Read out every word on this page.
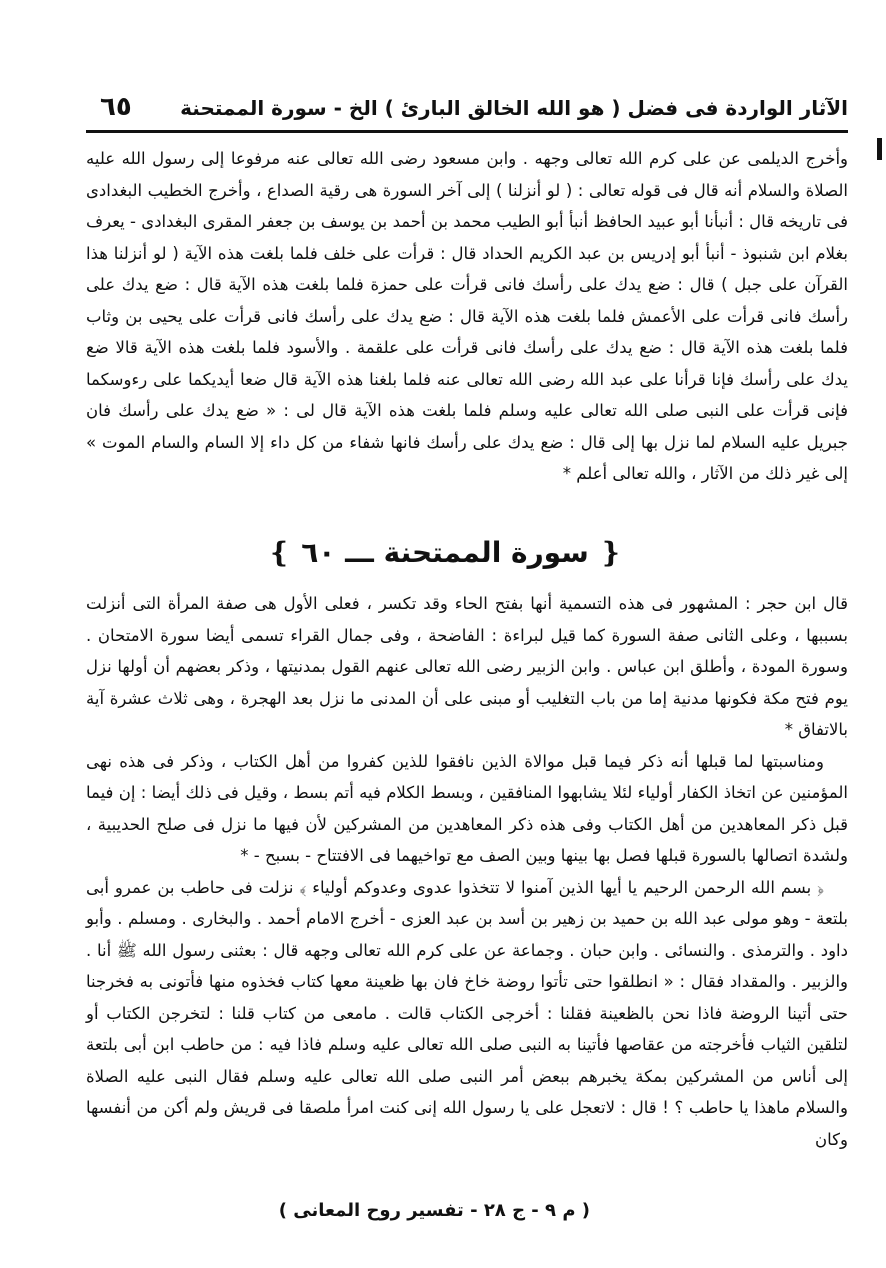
الآثار الواردة فى فضل ( هو الله الخالق البارئ ) الخ - سورة الممتحنة
٦٥

وأخرج الديلمى عن على كرم الله تعالى وجهه . وابن مسعود رضى الله تعالى عنه مرفوعا إلى رسول الله عليه الصلاة والسلام أنه قال فى قوله تعالى : ( لو أنزلنا ) إلى آخر السورة هى رقية الصداع ، وأخرج الخطيب البغدادى فى تاريخه قال : أنبأنا أبو عبيد الحافظ أنبأ أبو الطيب محمد بن أحمد بن يوسف بن جعفر المقرى البغدادى - يعرف بغلام ابن شنبوذ - أنبأ أبو إدريس بن عبد الكريم الحداد قال : قرأت على خلف فلما بلغت هذه الآية ( لو أنزلنا هذا القرآن على جبل ) قال : ضع يدك على رأسك فانى قرأت على حمزة فلما بلغت هذه الآية قال : ضع يدك على رأسك فانى قرأت على الأعمش فلما بلغت هذه الآية قال : ضع يدك على رأسك فانى قرأت على يحيى بن وثاب فلما بلغت هذه الآية قال : ضع يدك على رأسك فانى قرأت على علقمة . والأسود فلما بلغت هذه الآية قالا ضع يدك على رأسك فإنا قرأنا على عبد الله رضى الله تعالى عنه فلما بلغنا هذه الآية قال ضعا أيديكما على رءوسكما فإنى قرأت على النبى صلى الله تعالى عليه وسلم فلما بلغت هذه الآية قال لى : « ضع يدك على رأسك فان جبريل عليه السلام لما نزل بها إلى قال : ضع يدك على رأسك فانها شفاء من كل داء إلا السام والسام الموت » إلى غير ذلك من الآثار ، والله تعالى أعلم *

❴
سورة الممتحنة ـــ ٦٠
❵

قال ابن حجر : المشهور فى هذه التسمية أنها بفتح الحاء وقد تكسر ، فعلى الأول هى صفة المرأة التى أنزلت بسببها ، وعلى الثانى صفة السورة كما قيل لبراءة : الفاضحة ، وفى جمال القراء تسمى أيضا سورة الامتحان . وسورة المودة ، وأطلق ابن عباس . وابن الزبير رضى الله تعالى عنهم القول بمدنيتها ، وذكر بعضهم أن أولها نزل يوم فتح مكة فكونها مدنية إما من باب التغليب أو مبنى على أن المدنى ما نزل بعد الهجرة ، وهى ثلاث عشرة آية بالاتفاق *

ومناسبتها لما قبلها أنه ذكر فيما قبل موالاة الذين نافقوا للذين كفروا من أهل الكتاب ، وذكر فى هذه نهى المؤمنين عن اتخاذ الكفار أولياء لئلا يشابهوا المنافقين ، وبسط الكلام فيه أتم بسط ، وقيل فى ذلك أيضا : إن فيما قبل ذكر المعاهدين من أهل الكتاب وفى هذه ذكر المعاهدين من المشركين لأن فيها ما نزل فى صلح الحديبية ، ولشدة اتصالها بالسورة قبلها فصل بها بينها وبين الصف مع تواخيهما فى الافتتاح - بسبح - *

﴿ بسم الله الرحمن الرحيم يا أيها الذين آمنوا لا تتخذوا عدوى وعدوكم أولياء ﴾ نزلت فى حاطب بن عمرو أبى بلتعة - وهو مولى عبد الله بن حميد بن زهير بن أسد بن عبد العزى - أخرج الامام أحمد . والبخارى . ومسلم . وأبو داود . والترمذى . والنسائى . وابن حبان . وجماعة عن على كرم الله تعالى وجهه قال : بعثنى رسول الله ﷺ أنا . والزبير . والمقداد فقال : « انطلقوا حتى تأتوا روضة خاخ فان بها ظعينة معها كتاب فخذوه منها فأتونى به فخرجنا حتى أتينا الروضة فاذا نحن بالظعينة فقلنا : أخرجى الكتاب قالت . مامعى من كتاب قلنا : لتخرجن الكتاب أو لتلقين الثياب فأخرجته من عقاصها فأتينا به النبى صلى الله تعالى عليه وسلم فاذا فيه : من حاطب ابن أبى بلتعة إلى أناس من المشركين بمكة يخبرهم ببعض أمر النبى صلى الله تعالى عليه وسلم فقال النبى عليه الصلاة والسلام ماهذا يا حاطب ؟ ! قال : لاتعجل على يا رسول الله إنى كنت امرأ ملصقا فى قريش ولم أكن من أنفسها وكان

( م ٩ - ج ٢٨ - تفسير روح المعانى )
